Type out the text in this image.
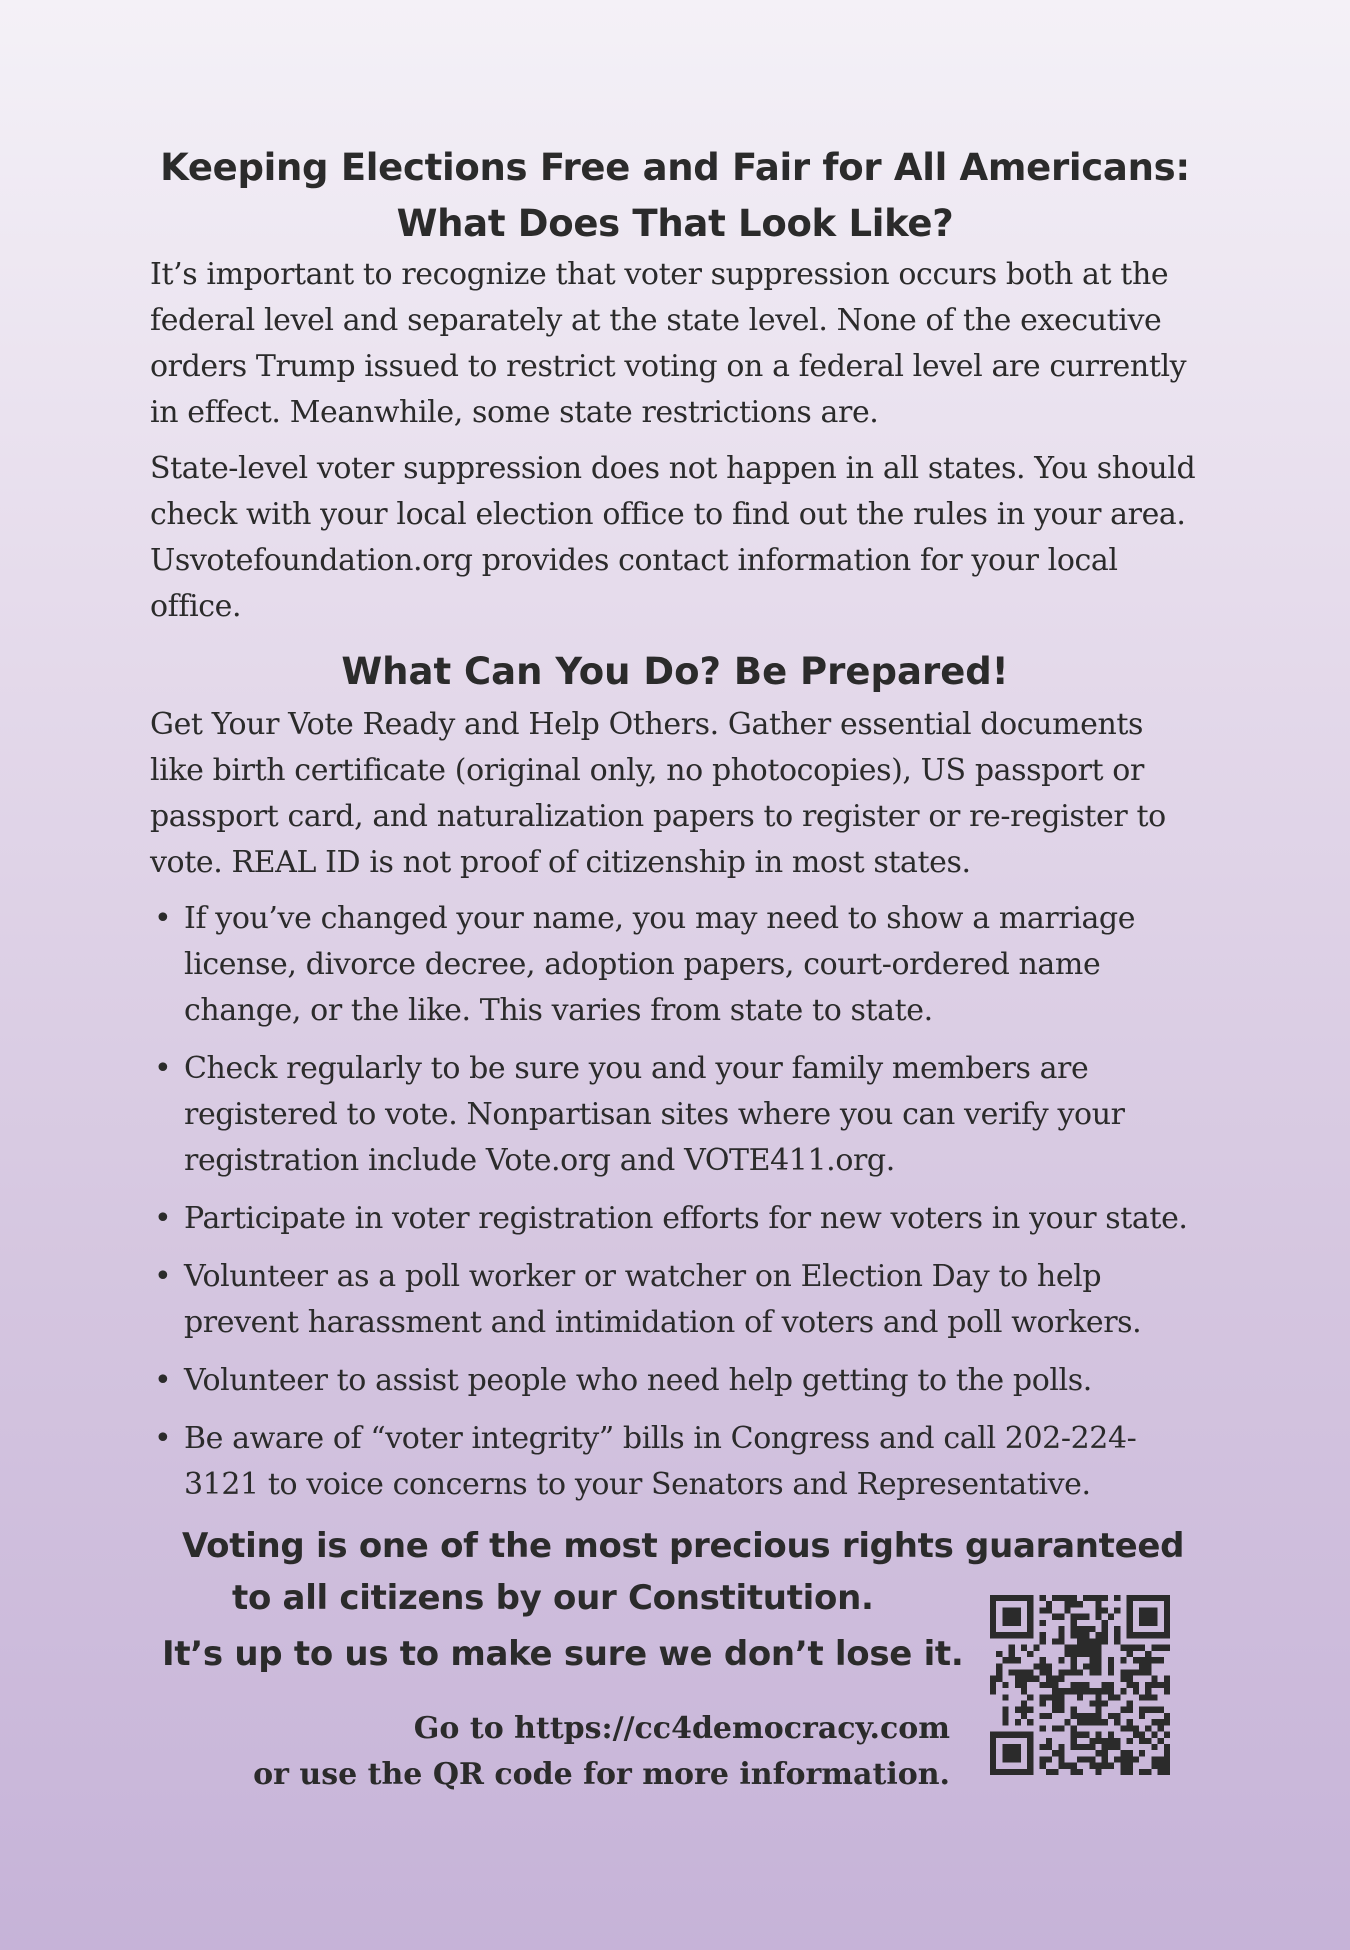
Keeping Elections Free and Fair for All Americans:
What Does That Look Like?

It’s important to recognize that voter suppression occurs both at the federal level and separately at the state level. None of the executive orders Trump issued to restrict voting on a federal level are currently in effect. Meanwhile, some state restrictions are.

State-level voter suppression does not happen in all states. You should check with your local election office to find out the rules in your area. Usvotefoundation.org provides contact information for your local office.

What Can You Do? Be Prepared!

Get Your Vote Ready and Help Others. Gather essential documents like birth certificate (original only, no photocopies), US passport or passport card, and naturalization papers to register or re-register to vote. REAL ID is not proof of citizenship in most states.

• If you’ve changed your name, you may need to show a marriage license, divorce decree, adoption papers, court-ordered name change, or the like. This varies from state to state.
• Check regularly to be sure you and your family members are registered to vote. Nonpartisan sites where you can verify your registration include Vote.org and VOTE411.org.
• Participate in voter registration efforts for new voters in your state.
• Volunteer as a poll worker or watcher on Election Day to help prevent harassment and intimidation of voters and poll workers.
• Volunteer to assist people who need help getting to the polls.
• Be aware of “voter integrity” bills in Congress and call 202-224-3121 to voice concerns to your Senators and Representative.
Voting is one of the most precious rights guaranteed
to all citizens by our Constitution.
It’s up to us to make sure we don’t lose it.
Go to https://cc4democracy.com
or use the QR code for more information.
